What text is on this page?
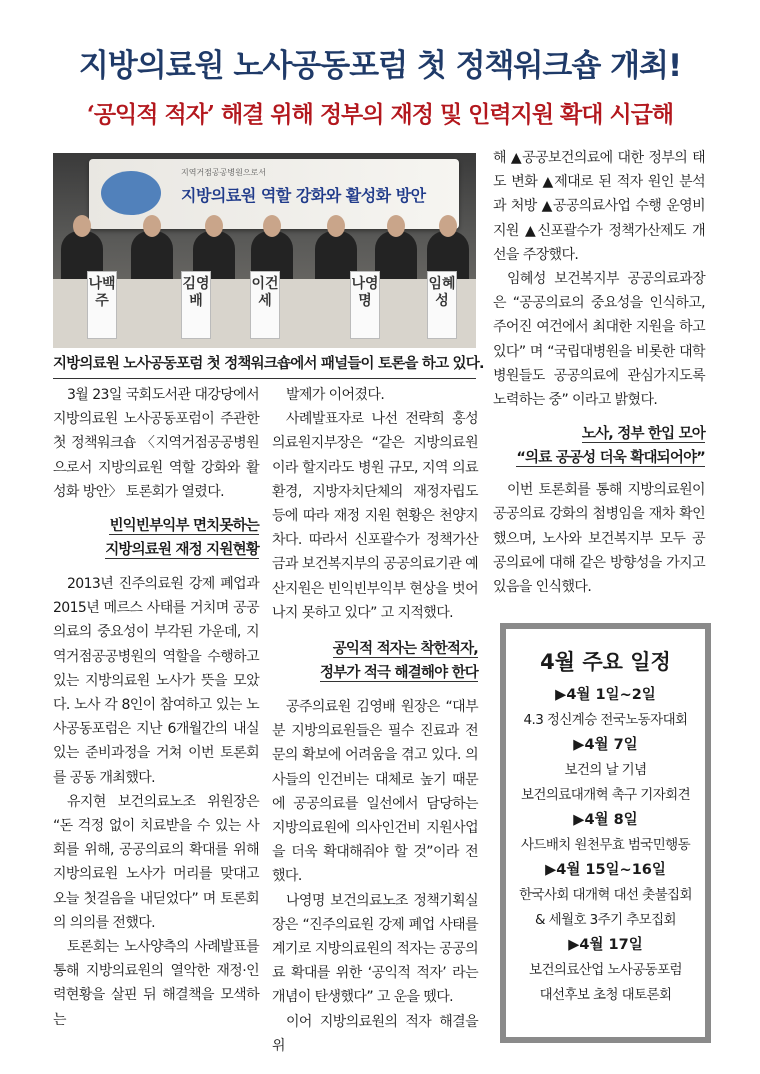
지방의료원 노사공동포럼 첫 정책워크숍 개최!
‘공익적 적자’ 해결 위해 정부의 재정 및 인력지원 확대 시급해
지역거점공공병원으로서
지방의료원 역할 강화와 활성화 방안
나백주
김영배
이건세
나영명
임혜성
지방의료원 노사공동포럼 첫 정책워크숍에서 패널들이 토론을 하고 있다.

3월 23일 국회도서관 대강당에서 지방의료원 노사공동포럼이 주관한 첫 정책워크숍 〈지역거점공공병원으로서 지방의료원 역할 강화와 활성화 방안〉 토론회가 열렸다.

빈익빈부익부 면치못하는
지방의료원 재정 지원현황

2013년 진주의료원 강제 폐업과 2015년 메르스 사태를 거치며 공공의료의 중요성이 부각된 가운데, 지역거점공공병원의 역할을 수행하고 있는 지방의료원 노사가 뜻을 모았다. 노사 각 8인이 참여하고 있는 노사공동포럼은 지난 6개월간의 내실 있는 준비과정을 거쳐 이번 토론회를 공동 개최했다.

유지현 보건의료노조 위원장은 “돈 걱정 없이 치료받을 수 있는 사회를 위해, 공공의료의 확대를 위해 지방의료원 노사가 머리를 맞대고 오늘 첫걸음을 내딛었다” 며 토론회의 의의를 전했다.

토론회는 노사양측의 사례발표를 통해 지방의료원의 열악한 재정·인력현황을 살핀 뒤 해결책을 모색하는

발제가 이어졌다.

사례발표자로 나선 전략희 홍성의료원지부장은 “같은 지방의료원이라 할지라도 병원 규모, 지역 의료환경, 지방자치단체의 재정자립도 등에 따라 재정 지원 현황은 천양지차다. 따라서 신포괄수가 정책가산금과 보건복지부의 공공의료기관 예산지원은 빈익빈부익부 현상을 벗어나지 못하고 있다” 고 지적했다.

공익적 적자는 착한적자,
정부가 적극 해결해야 한다

공주의료원 김영배 원장은 “대부분 지방의료원들은 필수 진료과 전문의 확보에 어려움을 겪고 있다. 의사들의 인건비는 대체로 높기 때문에 공공의료를 일선에서 담당하는 지방의료원에 의사인건비 지원사업을 더욱 확대해줘야 할 것”이라 전했다.

나영명 보건의료노조 정책기획실장은 “진주의료원 강제 폐업 사태를 계기로 지방의료원의 적자는 공공의료 확대를 위한 ‘공익적 적자’ 라는 개념이 탄생했다” 고 운을 뗐다.

이어 지방의료원의 적자 해결을 위

해 ▲공공보건의료에 대한 정부의 태도 변화 ▲제대로 된 적자 원인 분석과 처방 ▲공공의료사업 수행 운영비 지원 ▲신포괄수가 정책가산제도 개선을 주장했다.

임혜성 보건복지부 공공의료과장은 “공공의료의 중요성을 인식하고, 주어진 여건에서 최대한 지원을 하고 있다” 며 “국립대병원을 비롯한 대학병원들도 공공의료에 관심가지도록 노력하는 중” 이라고 밝혔다.

노사, 정부 한입 모아
“의료 공공성 더욱 확대되어야”

이번 토론회를 통해 지방의료원이 공공의료 강화의 첨병임을 재차 확인했으며, 노사와 보건복지부 모두 공공의료에 대해 같은 방향성을 가지고 있음을 인식했다.

4월 주요 일정
▶4월 1일~2일
4.3 정신계승 전국노동자대회
▶4월 7일
보건의 날 기념
보건의료대개혁 촉구 기자회견
▶4월 8일
사드배치 원천무효 범국민행동
▶4월 15일~16일
한국사회 대개혁 대선 촛불집회
& 세월호 3주기 추모집회
▶4월 17일
보건의료산업 노사공동포럼
대선후보 초청 대토론회
